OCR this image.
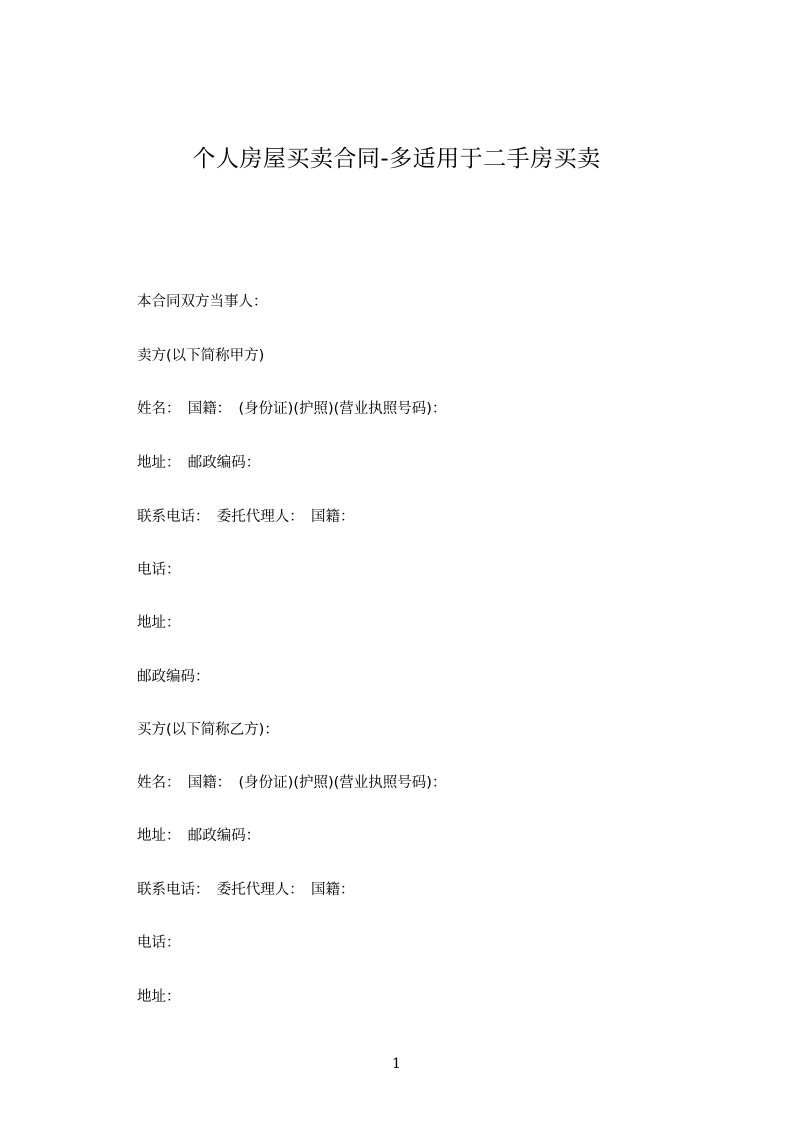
个人房屋买卖合同-多适用于二手房买卖
本合同双方当事人：
卖方(以下简称甲方)
姓名：　国籍：　(身份证)(护照)(营业执照号码)：
地址：　邮政编码：
联系电话：　委托代理人：　国籍：
电话：
地址：
邮政编码：
买方(以下简称乙方)：
姓名：　国籍：　(身份证)(护照)(营业执照号码)：
地址：　邮政编码：
联系电话：　委托代理人：　国籍：
电话：
地址：
1
